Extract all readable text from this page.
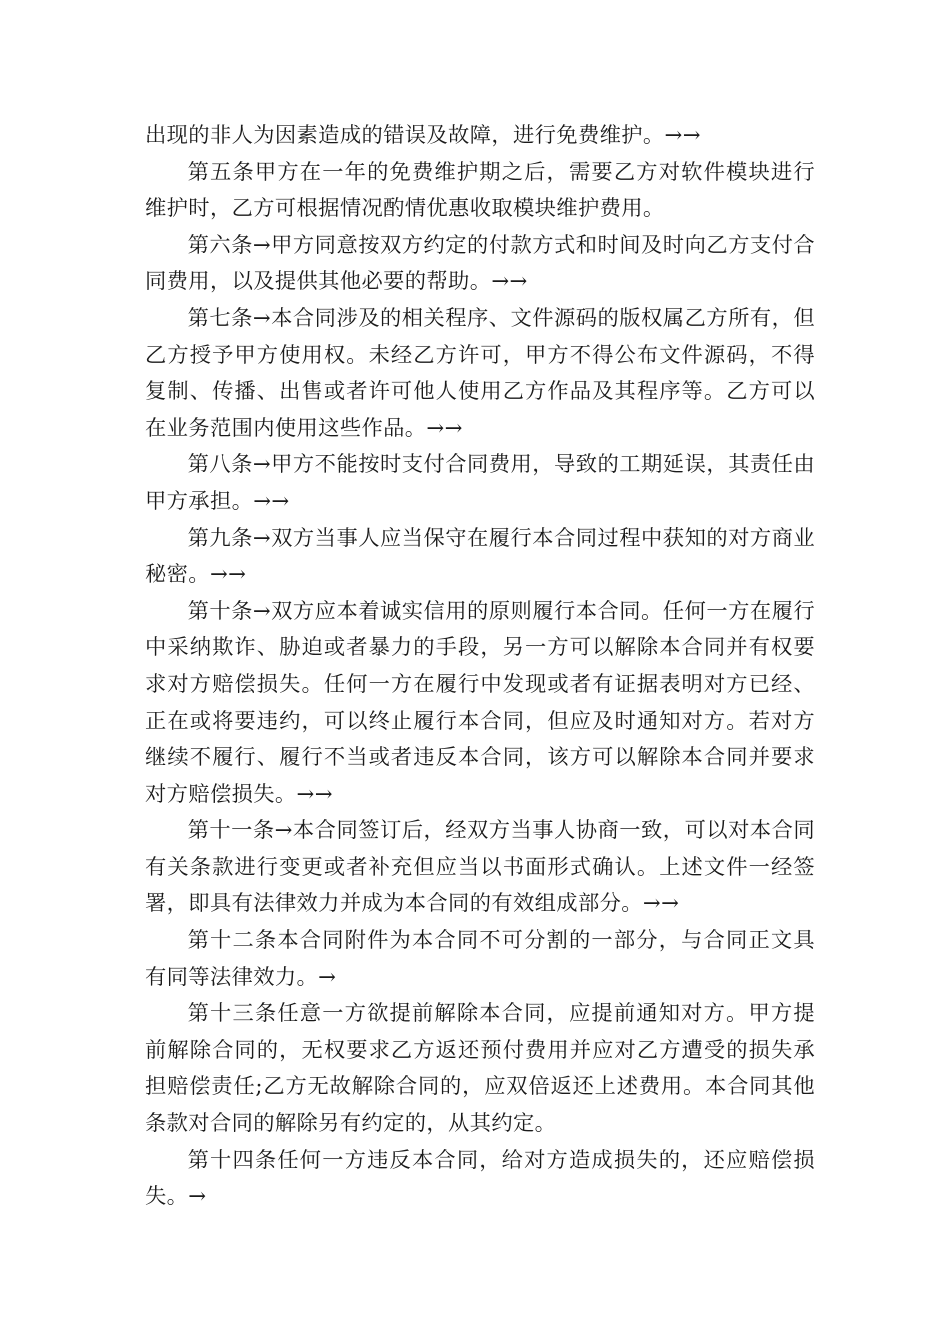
出现的非人为因素造成的错误及故障，进行免费维护。→→

第五条甲方在一年的免费维护期之后，需要乙方对软件模块进行维护时，乙方可根据情况酌情优惠收取模块维护费用。

第六条→甲方同意按双方约定的付款方式和时间及时向乙方支付合同费用，以及提供其他必要的帮助。→→

第七条→本合同涉及的相关程序、文件源码的版权属乙方所有，但乙方授予甲方使用权。未经乙方许可，甲方不得公布文件源码，不得复制、传播、出售或者许可他人使用乙方作品及其程序等。乙方可以在业务范围内使用这些作品。→→

第八条→甲方不能按时支付合同费用，导致的工期延误，其责任由甲方承担。→→

第九条→双方当事人应当保守在履行本合同过程中获知的对方商业秘密。→→

第十条→双方应本着诚实信用的原则履行本合同。任何一方在履行中采纳欺诈、胁迫或者暴力的手段，另一方可以解除本合同并有权要求对方赔偿损失。任何一方在履行中发现或者有证据表明对方已经、正在或将要违约，可以终止履行本合同，但应及时通知对方。若对方继续不履行、履行不当或者违反本合同，该方可以解除本合同并要求对方赔偿损失。→→

第十一条→本合同签订后，经双方当事人协商一致，可以对本合同有关条款进行变更或者补充但应当以书面形式确认。上述文件一经签署，即具有法律效力并成为本合同的有效组成部分。→→

第十二条本合同附件为本合同不可分割的一部分，与合同正文具有同等法律效力。→

第十三条任意一方欲提前解除本合同，应提前通知对方。甲方提前解除合同的，无权要求乙方返还预付费用并应对乙方遭受的损失承担赔偿责任;乙方无故解除合同的，应双倍返还上述费用。本合同其他条款对合同的解除另有约定的，从其约定。

第十四条任何一方违反本合同，给对方造成损失的，还应赔偿损失。→
